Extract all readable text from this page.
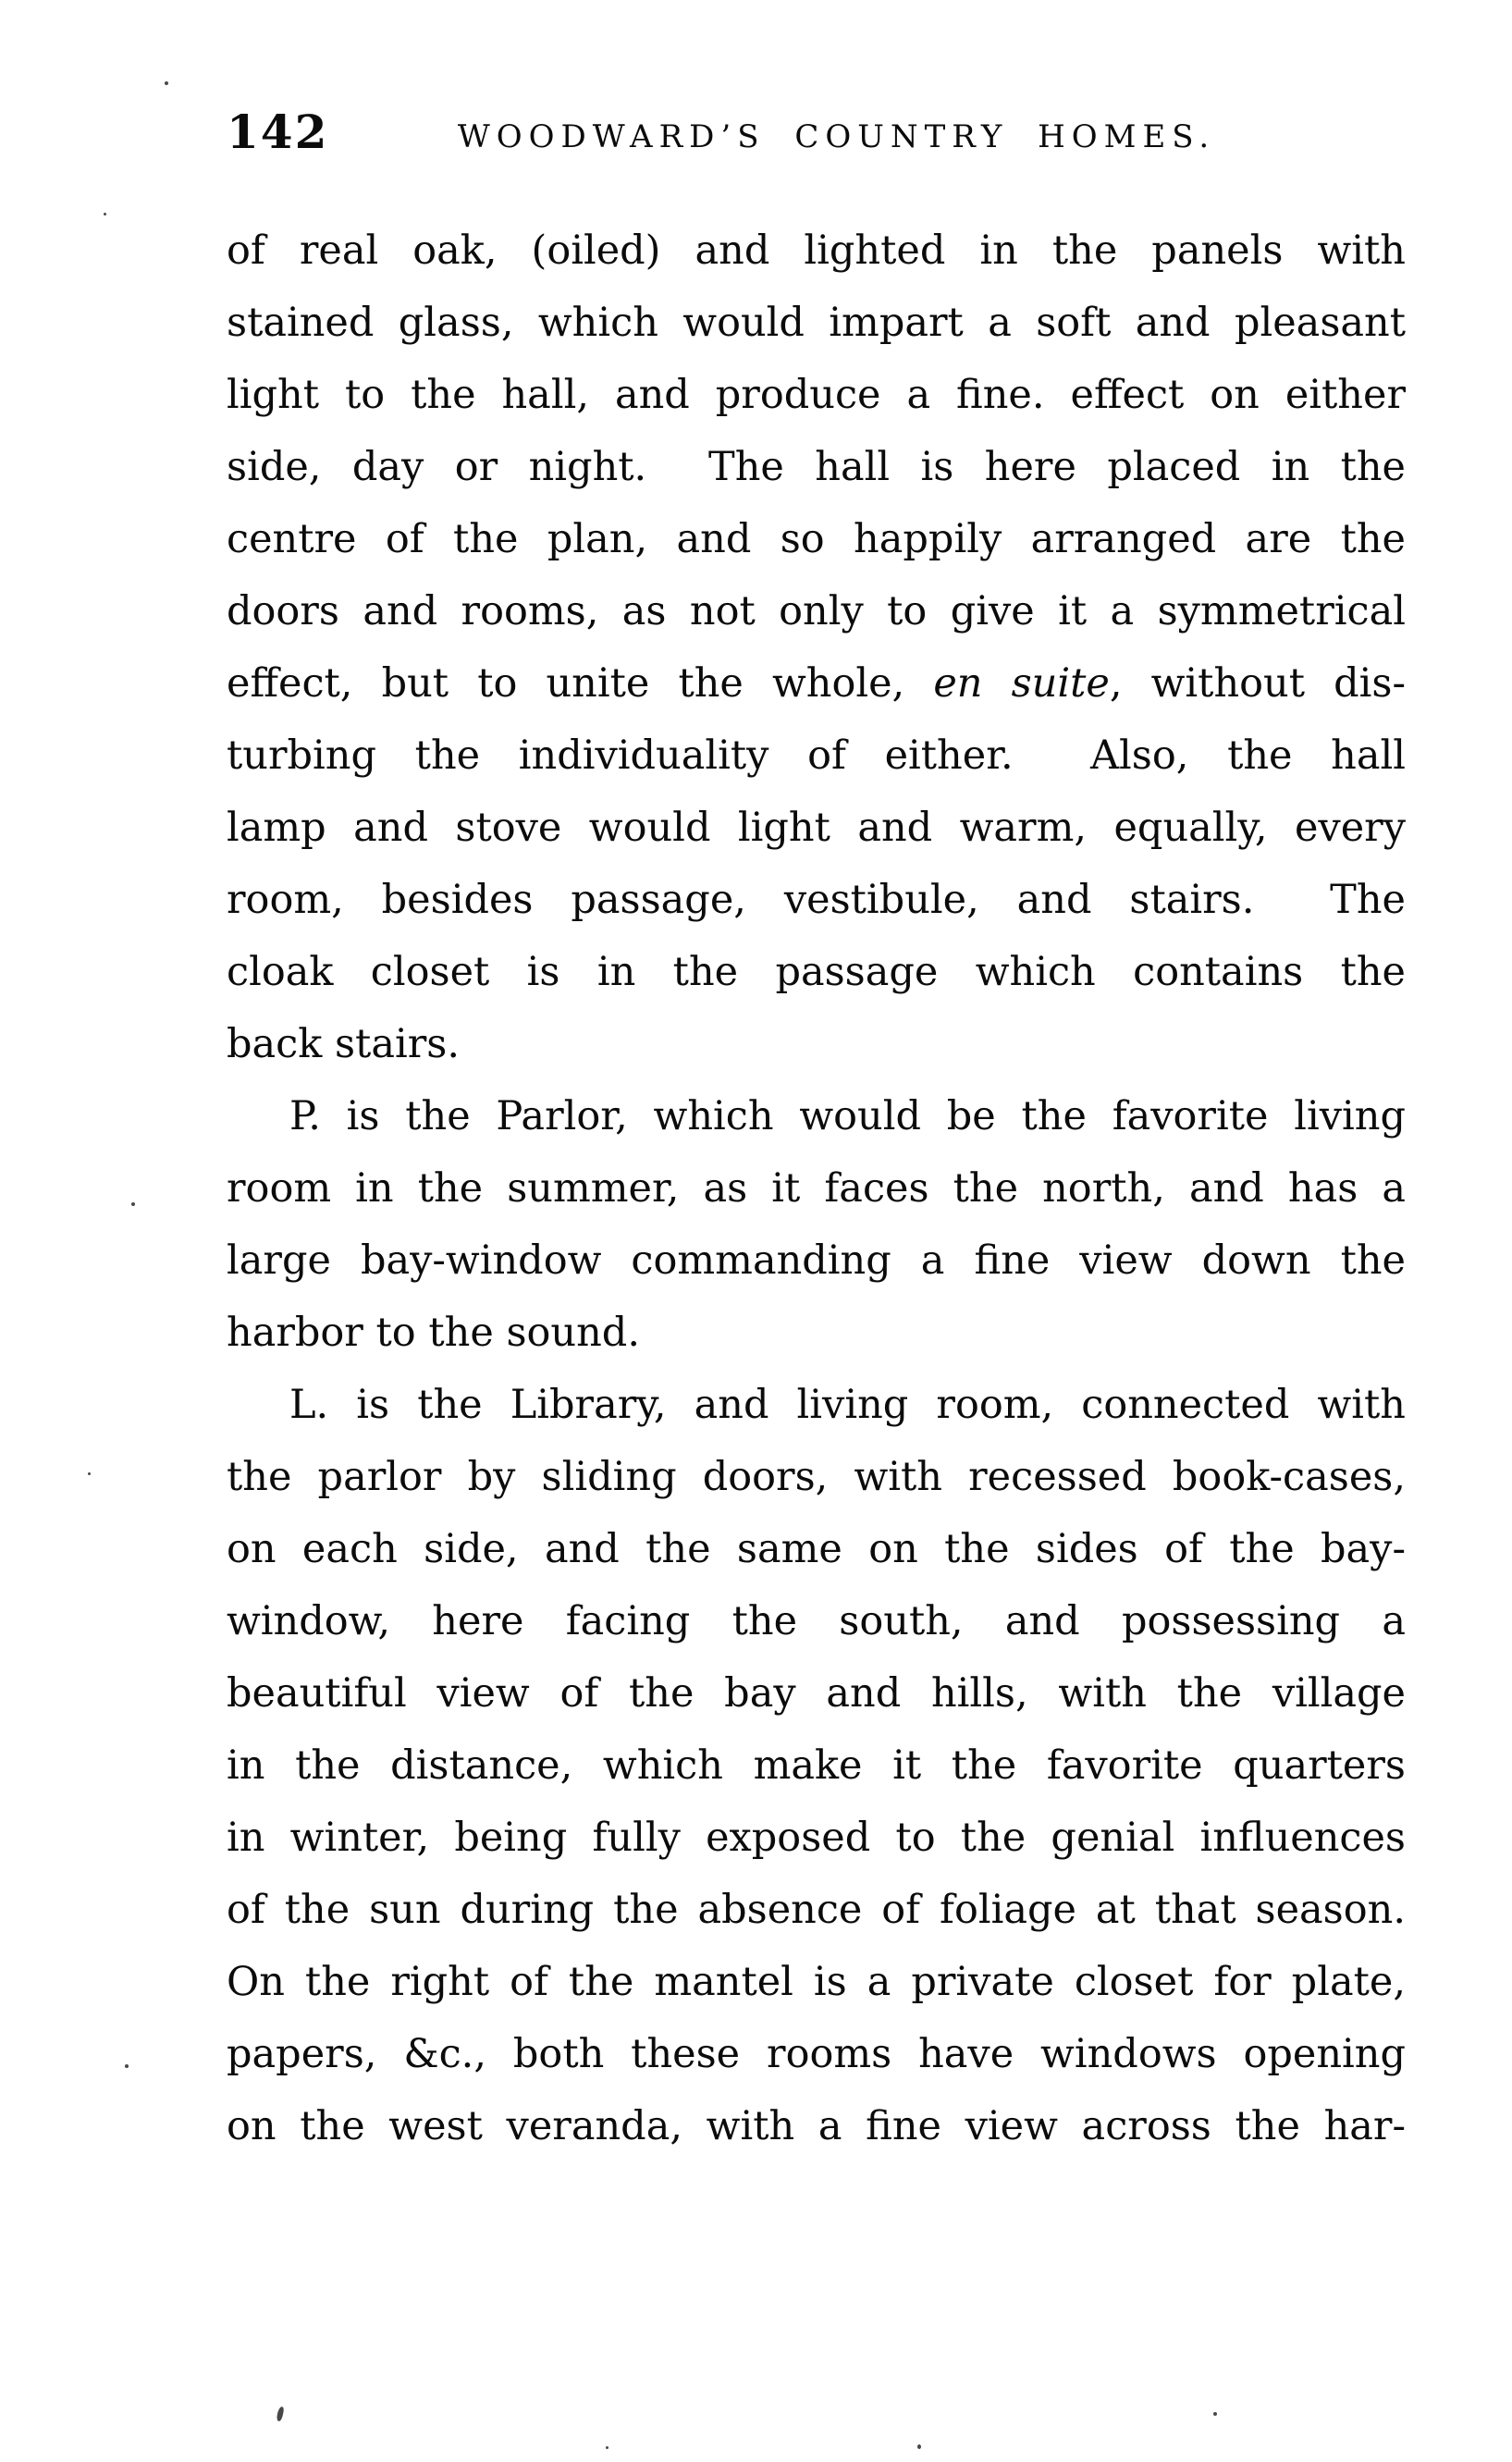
142	WOODWARD’S COUNTRY HOMES.
of real oak, (oiled) and lighted in the panels with
stained glass, which would impart a soft and pleasant
light to the hall, and produce a fine. effect on either
side, day or night.  The hall is here placed in the
centre of the plan, and so happily arranged are the
doors and rooms, as not only to give it a symmetrical
effect, but to unite the whole, en suite, without dis-
turbing the individuality of either.  Also, the hall
lamp and stove would light and warm, equally, every
room, besides passage, vestibule, and stairs.  The
cloak closet is in the passage which contains the
back stairs.
P. is the Parlor, which would be the favorite living
room in the summer, as it faces the north, and has a
large bay-window commanding a fine view down the
harbor to the sound.
L. is the Library, and living room, connected with
the parlor by sliding doors, with recessed book-cases,
on each side, and the same on the sides of the bay-
window, here facing the south, and possessing a
beautiful view of the bay and hills, with the village
in the distance, which make it the favorite quarters
in winter, being fully exposed to the genial influences
of the sun during the absence of foliage at that season.
On the right of the mantel is a private closet for plate,
papers, &c., both these rooms have windows opening
on the west veranda, with a fine view across the har-
